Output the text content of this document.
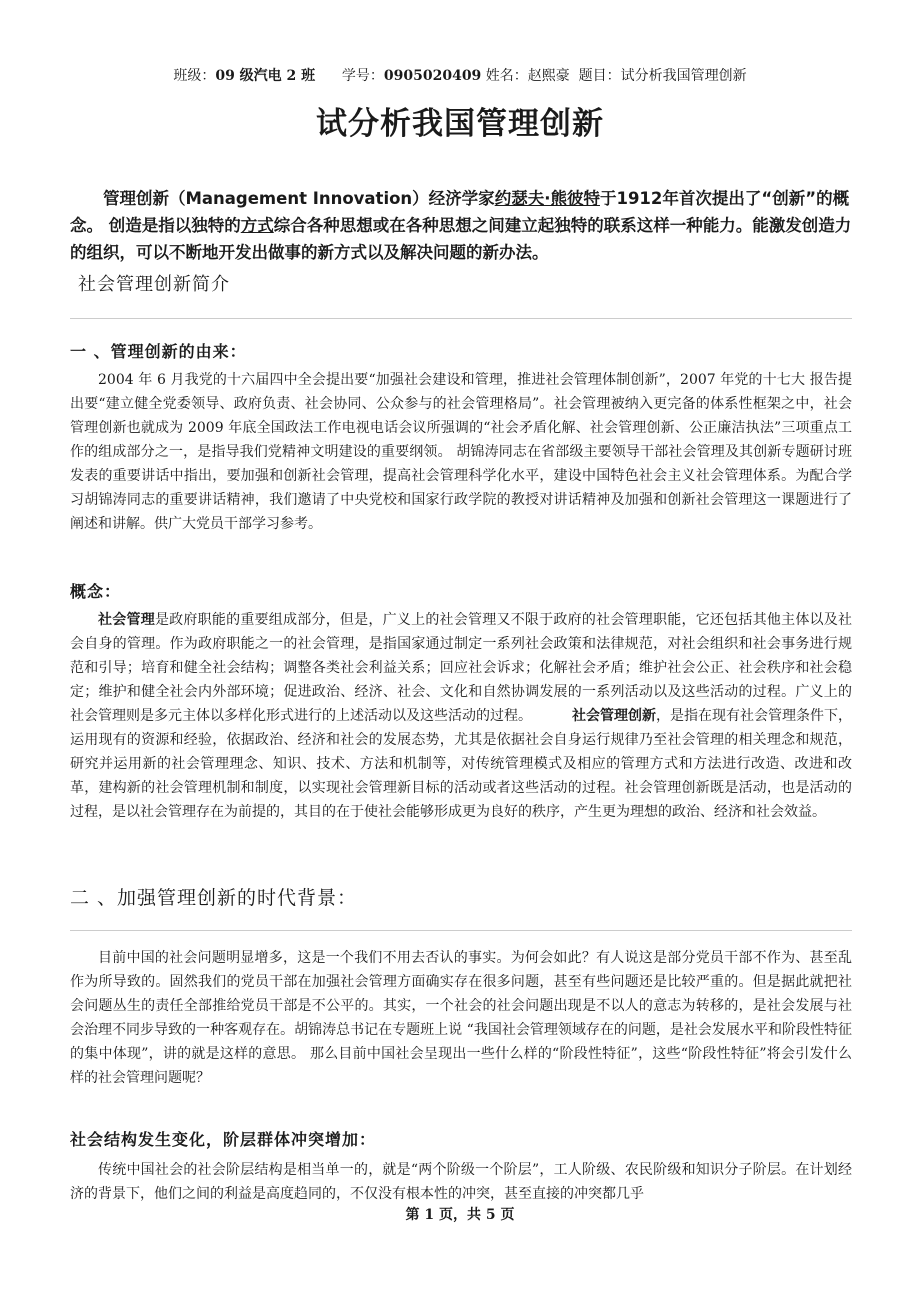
班级：09 级汽电 2 班 学号：0905020409 姓名：赵熙豪 题目：试分析我国管理创新
试分析我国管理创新
管理创新（Management Innovation）经济学家约瑟夫·熊彼特于1912年首次提出了“创新”的概念。 创造是指以独特的方式综合各种思想或在各种思想之间建立起独特的联系这样一种能力。能激发创造力的组织，可以不断地开发出做事的新方式以及解决问题的新办法。
社会管理创新简介
一 、管理创新的由来：
2004 年 6 月我党的十六届四中全会提出要“加强社会建设和管理，推进社会管理体制创新”，2007 年党的十七大 报告提出要“建立健全党委领导、政府负责、社会协同、公众参与的社会管理格局”。社会管理被纳入更完备的体系性框架之中，社会管理创新也就成为 2009 年底全国政法工作电视电话会议所强调的“社会矛盾化解、社会管理创新、公正廉洁执法”三项重点工作的组成部分之一，是指导我们党精神文明建设的重要纲领。 胡锦涛同志在省部级主要领导干部社会管理及其创新专题研讨班发表的重要讲话中指出，要加强和创新社会管理，提高社会管理科学化水平，建设中国特色社会主义社会管理体系。为配合学习胡锦涛同志的重要讲话精神，我们邀请了中央党校和国家行政学院的教授对讲话精神及加强和创新社会管理这一课题进行了阐述和讲解。供广大党员干部学习参考。
概念：
社会管理是政府职能的重要组成部分，但是，广义上的社会管理又不限于政府的社会管理职能，它还包括其他主体以及社会自身的管理。作为政府职能之一的社会管理，是指国家通过制定一系列社会政策和法律规范，对社会组织和社会事务进行规范和引导；培育和健全社会结构；调整各类社会利益关系；回应社会诉求；化解社会矛盾；维护社会公正、社会秩序和社会稳定；维护和健全社会内外部环境；促进政治、经济、社会、文化和自然协调发展的一系列活动以及这些活动的过程。广义上的社会管理则是多元主体以多样化形式进行的上述活动以及这些活动的过程。	社会管理创新，是指在现有社会管理条件下，运用现有的资源和经验，依据政治、经济和社会的发展态势，尤其是依据社会自身运行规律乃至社会管理的相关理念和规范，研究并运用新的社会管理理念、知识、技术、方法和机制等，对传统管理模式及相应的管理方式和方法进行改造、改进和改革，建构新的社会管理机制和制度，以实现社会管理新目标的活动或者这些活动的过程。社会管理创新既是活动，也是活动的过程，是以社会管理存在为前提的，其目的在于使社会能够形成更为良好的秩序，产生更为理想的政治、经济和社会效益。
二 、加强管理创新的时代背景：
目前中国的社会问题明显增多，这是一个我们不用去否认的事实。为何会如此？有人说这是部分党员干部不作为、甚至乱作为所导致的。固然我们的党员干部在加强社会管理方面确实存在很多问题，甚至有些问题还是比较严重的。但是据此就把社会问题丛生的责任全部推给党员干部是不公平的。其实，一个社会的社会问题出现是不以人的意志为转移的，是社会发展与社会治理不同步导致的一种客观存在。胡锦涛总书记在专题班上说 “我国社会管理领域存在的问题，是社会发展水平和阶段性特征的集中体现”，讲的就是这样的意思。 那么目前中国社会呈现出一些什么样的“阶段性特征”，这些“阶段性特征”将会引发什么样的社会管理问题呢？
社会结构发生变化，阶层群体冲突增加：
传统中国社会的社会阶层结构是相当单一的，就是“两个阶级一个阶层”，工人阶级、农民阶级和知识分子阶层。在计划经济的背景下，他们之间的利益是高度趋同的，不仅没有根本性的冲突，甚至直接的冲突都几乎
第 1 页，共 5 页
